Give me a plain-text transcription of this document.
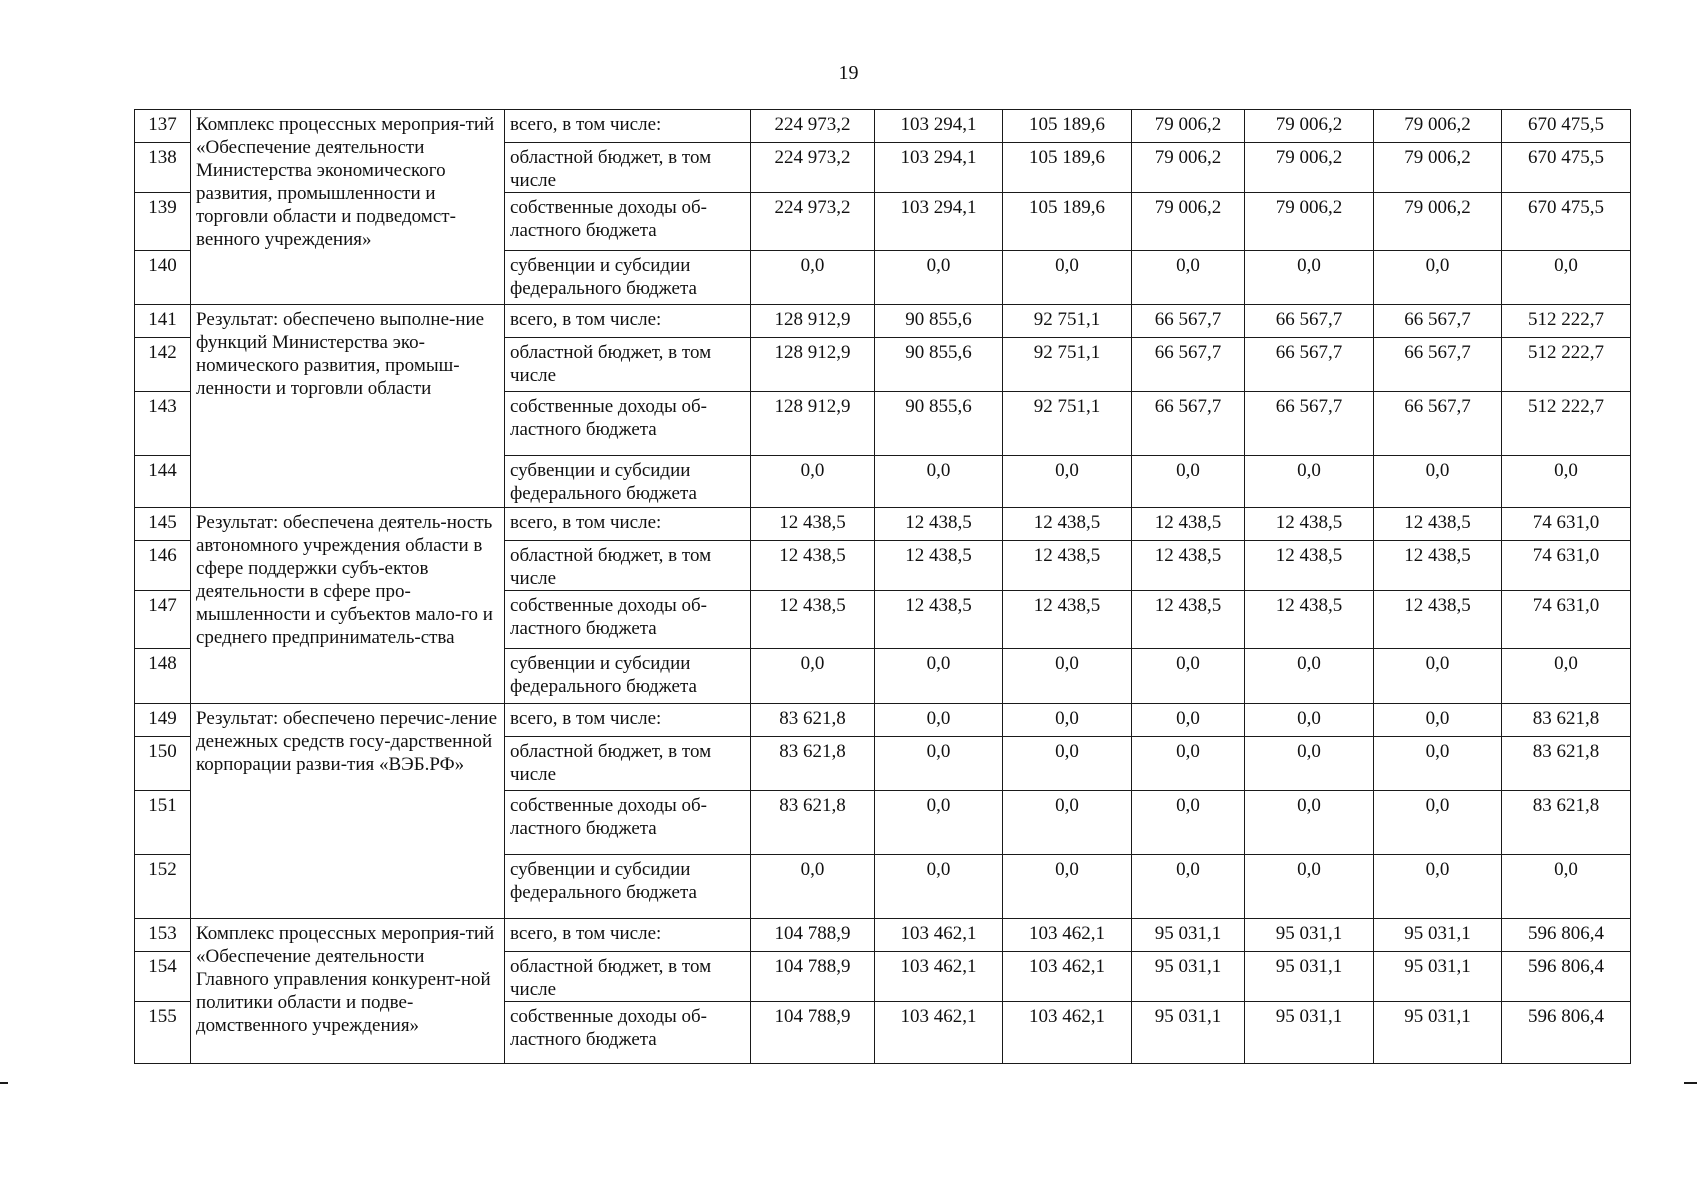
19
137	Комплекс процессных мероприя-тий «Обеспечение деятельности Министерства экономического развития, промышленности и торговли области и подведомст-венного учреждения»	всего, в том числе:	224 973,2	103 294,1	105 189,6	79 006,2	79 006,2	79 006,2	670 475,5
138		областной бюджет, в том числе	224 973,2	103 294,1	105 189,6	79 006,2	79 006,2	79 006,2	670 475,5
139		собственные доходы об-ластного бюджета	224 973,2	103 294,1	105 189,6	79 006,2	79 006,2	79 006,2	670 475,5
140		субвенции и субсидии федерального бюджета	0,0	0,0	0,0	0,0	0,0	0,0	0,0
141	Результат: обеспечено выполне-ние функций Министерства эко-номического развития, промыш-ленности и торговли области	всего, в том числе:	128 912,9	90 855,6	92 751,1	66 567,7	66 567,7	66 567,7	512 222,7
142		областной бюджет, в том числе	128 912,9	90 855,6	92 751,1	66 567,7	66 567,7	66 567,7	512 222,7
143		собственные доходы об-ластного бюджета	128 912,9	90 855,6	92 751,1	66 567,7	66 567,7	66 567,7	512 222,7
144		субвенции и субсидии федерального бюджета	0,0	0,0	0,0	0,0	0,0	0,0	0,0
145	Результат: обеспечена деятель-ность автономного учреждения области в сфере поддержки субъ-ектов деятельности в сфере про-мышленности и субъектов мало-го и среднего предприниматель-ства	всего, в том числе:	12 438,5	12 438,5	12 438,5	12 438,5	12 438,5	12 438,5	74 631,0
146		областной бюджет, в том числе	12 438,5	12 438,5	12 438,5	12 438,5	12 438,5	12 438,5	74 631,0
147		собственные доходы об-ластного бюджета	12 438,5	12 438,5	12 438,5	12 438,5	12 438,5	12 438,5	74 631,0
148		субвенции и субсидии федерального бюджета	0,0	0,0	0,0	0,0	0,0	0,0	0,0
149	Результат: обеспечено перечис-ление денежных средств госу-дарственной корпорации разви-тия «ВЭБ.РФ»	всего, в том числе:	83 621,8	0,0	0,0	0,0	0,0	0,0	83 621,8
150		областной бюджет, в том числе	83 621,8	0,0	0,0	0,0	0,0	0,0	83 621,8
151		собственные доходы об-ластного бюджета	83 621,8	0,0	0,0	0,0	0,0	0,0	83 621,8
152		субвенции и субсидии федерального бюджета	0,0	0,0	0,0	0,0	0,0	0,0	0,0
153	Комплекс процессных мероприя-тий «Обеспечение деятельности Главного управления конкурент-ной политики области и подве-домственного учреждения»	всего, в том числе:	104 788,9	103 462,1	103 462,1	95 031,1	95 031,1	95 031,1	596 806,4
154		областной бюджет, в том числе	104 788,9	103 462,1	103 462,1	95 031,1	95 031,1	95 031,1	596 806,4
155		собственные доходы об-ластного бюджета	104 788,9	103 462,1	103 462,1	95 031,1	95 031,1	95 031,1	596 806,4
